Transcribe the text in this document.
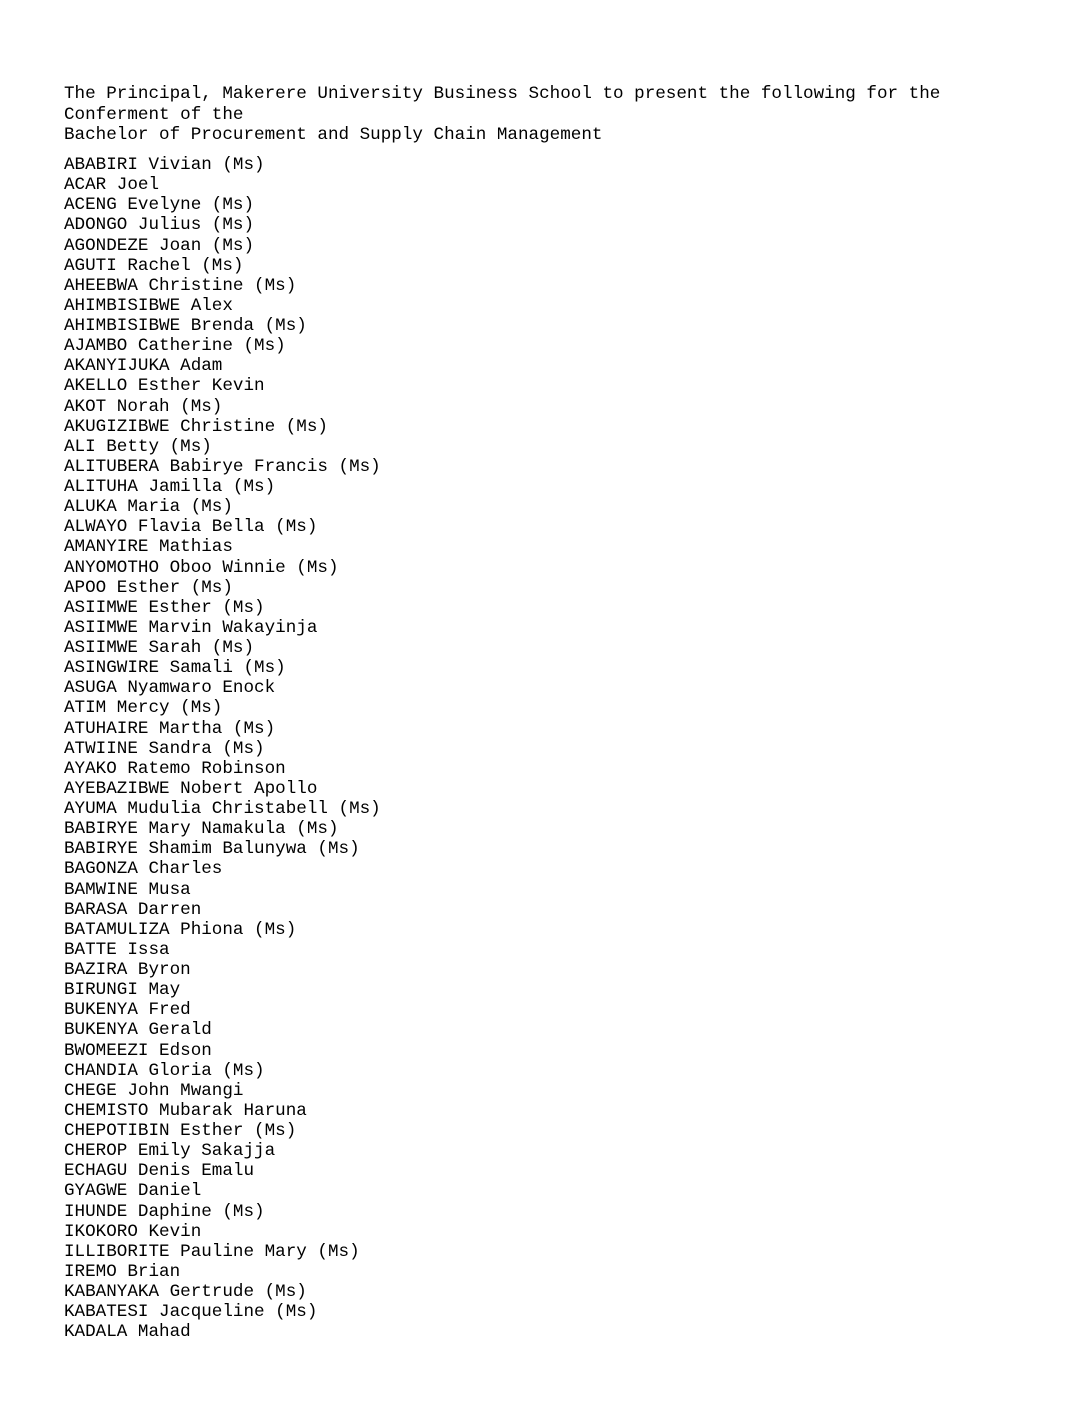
The Principal, Makerere University Business School to present the following for the
Conferment of the
Bachelor of Procurement and Supply Chain Management
ABABIRI Vivian (Ms)
ACAR Joel
ACENG Evelyne (Ms)
ADONGO Julius (Ms)
AGONDEZE Joan (Ms)
AGUTI Rachel (Ms)
AHEEBWA Christine (Ms)
AHIMBISIBWE Alex
AHIMBISIBWE Brenda (Ms)
AJAMBO Catherine (Ms)
AKANYIJUKA Adam
AKELLO Esther Kevin
AKOT Norah (Ms)
AKUGIZIBWE Christine (Ms)
ALI Betty (Ms)
ALITUBERA Babirye Francis (Ms)
ALITUHA Jamilla (Ms)
ALUKA Maria (Ms)
ALWAYO Flavia Bella (Ms)
AMANYIRE Mathias
ANYOMOTHO Oboo Winnie (Ms)
APOO Esther (Ms)
ASIIMWE Esther (Ms)
ASIIMWE Marvin Wakayinja
ASIIMWE Sarah (Ms)
ASINGWIRE Samali (Ms)
ASUGA Nyamwaro Enock
ATIM Mercy (Ms)
ATUHAIRE Martha (Ms)
ATWIINE Sandra (Ms)
AYAKO Ratemo Robinson
AYEBAZIBWE Nobert Apollo
AYUMA Mudulia Christabell (Ms)
BABIRYE Mary Namakula (Ms)
BABIRYE Shamim Balunywa (Ms)
BAGONZA Charles
BAMWINE Musa
BARASA Darren
BATAMULIZA Phiona (Ms)
BATTE Issa
BAZIRA Byron
BIRUNGI May
BUKENYA Fred
BUKENYA Gerald
BWOMEEZI Edson
CHANDIA Gloria (Ms)
CHEGE John Mwangi
CHEMISTO Mubarak Haruna
CHEPOTIBIN Esther (Ms)
CHEROP Emily Sakajja
ECHAGU Denis Emalu
GYAGWE Daniel
IHUNDE Daphine (Ms)
IKOKORO Kevin
ILLIBORITE Pauline Mary (Ms)
IREMO Brian
KABANYAKA Gertrude (Ms)
KABATESI Jacqueline (Ms)
KADALA Mahad
